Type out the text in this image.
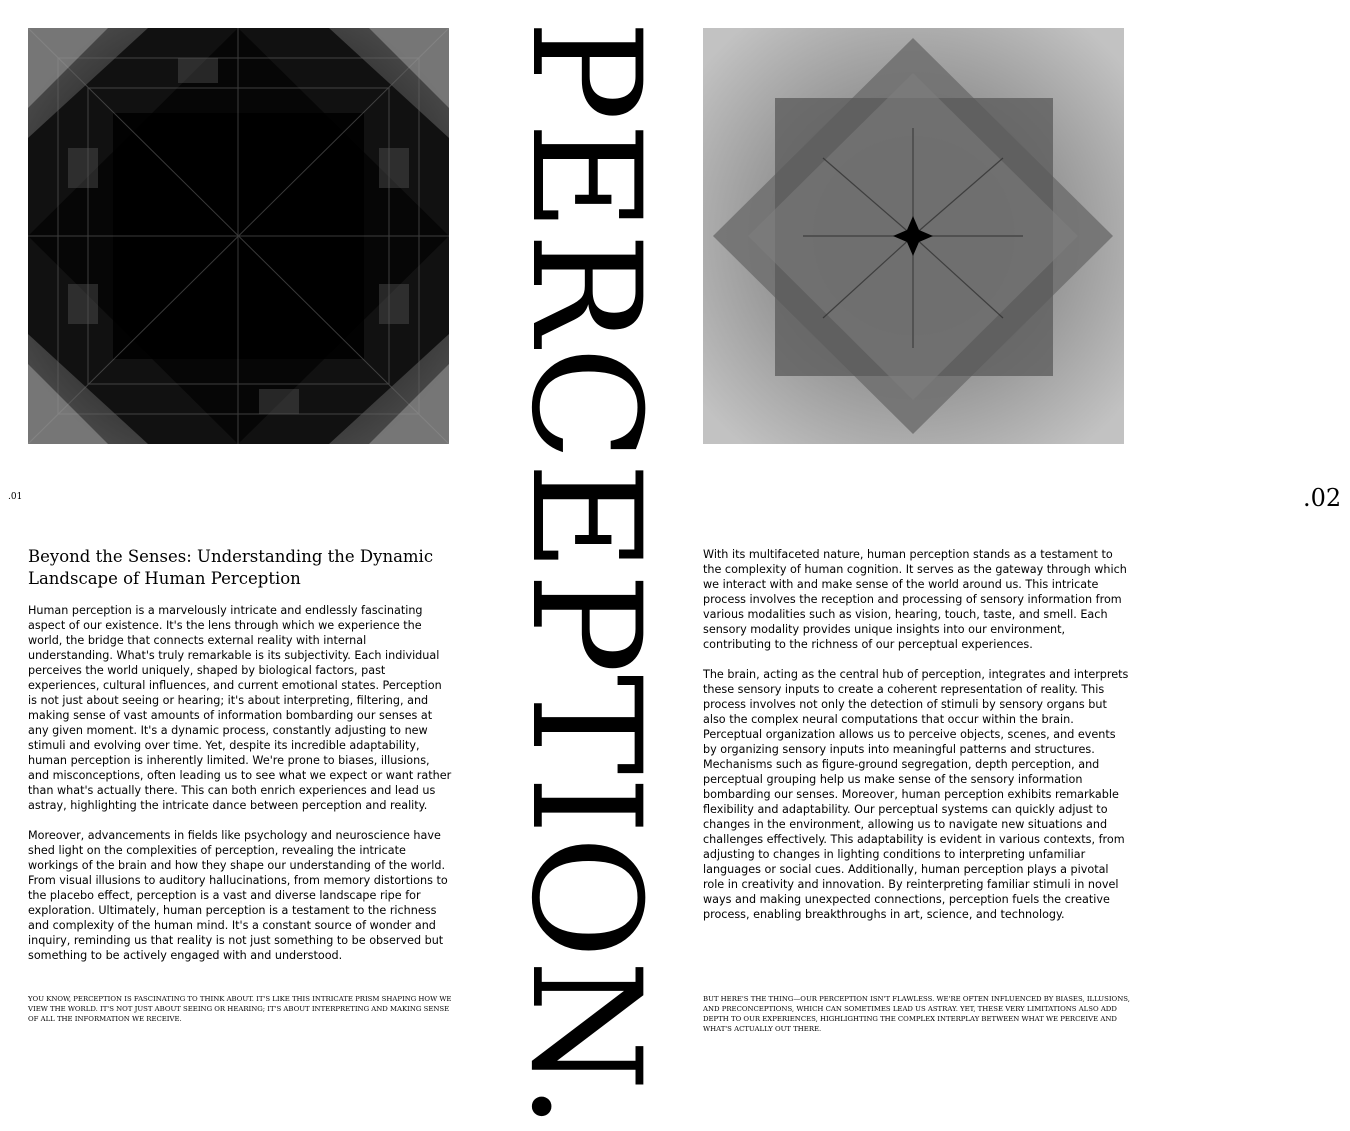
.01	.02
PERCEPTION.
Beyond the Senses: Understanding the Dynamic Landscape of Human Perception

Human perception is a marvelously intricate and endlessly fascinating aspect of our existence. It's the lens through which we experience the world, the bridge that connects external reality with internal understanding. What's truly remarkable is its subjectivity. Each individual perceives the world uniquely, shaped by biological factors, past experiences, cultural influences, and current emotional states. Perception is not just about seeing or hearing; it's about interpreting, filtering, and making sense of vast amounts of information bombarding our senses at any given moment. It's a dynamic process, constantly adjusting to new stimuli and evolving over time. Yet, despite its incredible adaptability, human perception is inherently limited. We're prone to biases, illusions, and misconceptions, often leading us to see what we expect or want rather than what's actually there. This can both enrich experiences and lead us astray, highlighting the intricate dance between perception and reality.

Moreover, advancements in fields like psychology and neuroscience have shed light on the complexities of perception, revealing the intricate workings of the brain and how they shape our understanding of the world. From visual illusions to auditory hallucinations, from memory distortions to the placebo effect, perception is a vast and diverse landscape ripe for exploration. Ultimately, human perception is a testament to the richness and complexity of the human mind. It's a constant source of wonder and inquiry, reminding us that reality is not just something to be observed but something to be actively engaged with and understood.

YOU KNOW, PERCEPTION IS FASCINATING TO THINK ABOUT. IT'S LIKE THIS INTRICATE PRISM SHAPING HOW WE VIEW THE WORLD. IT'S NOT JUST ABOUT SEEING OR HEARING; IT'S ABOUT INTERPRETING AND MAKING SENSE OF ALL THE INFORMATION WE RECEIVE.

With its multifaceted nature, human perception stands as a testament to the complexity of human cognition. It serves as the gateway through which we interact with and make sense of the world around us. This intricate process involves the reception and processing of sensory information from various modalities such as vision, hearing, touch, taste, and smell. Each sensory modality provides unique insights into our environment, contributing to the richness of our perceptual experiences.

The brain, acting as the central hub of perception, integrates and interprets these sensory inputs to create a coherent representation of reality. This process involves not only the detection of stimuli by sensory organs but also the complex neural computations that occur within the brain. Perceptual organization allows us to perceive objects, scenes, and events by organizing sensory inputs into meaningful patterns and structures. Mechanisms such as figure-ground segregation, depth perception, and perceptual grouping help us make sense of the sensory information bombarding our senses. Moreover, human perception exhibits remarkable flexibility and adaptability. Our perceptual systems can quickly adjust to changes in the environment, allowing us to navigate new situations and challenges effectively. This adaptability is evident in various contexts, from adjusting to changes in lighting conditions to interpreting unfamiliar languages or social cues. Additionally, human perception plays a pivotal role in creativity and innovation. By reinterpreting familiar stimuli in novel ways and making unexpected connections, perception fuels the creative process, enabling breakthroughs in art, science, and technology.

BUT HERE'S THE THING—OUR PERCEPTION ISN'T FLAWLESS. WE'RE OFTEN INFLUENCED BY BIASES, ILLUSIONS, AND PRECONCEPTIONS, WHICH CAN SOMETIMES LEAD US ASTRAY. YET, THESE VERY LIMITATIONS ALSO ADD DEPTH TO OUR EXPERIENCES, HIGHLIGHTING THE COMPLEX INTERPLAY BETWEEN WHAT WE PERCEIVE AND WHAT'S ACTUALLY OUT THERE.
